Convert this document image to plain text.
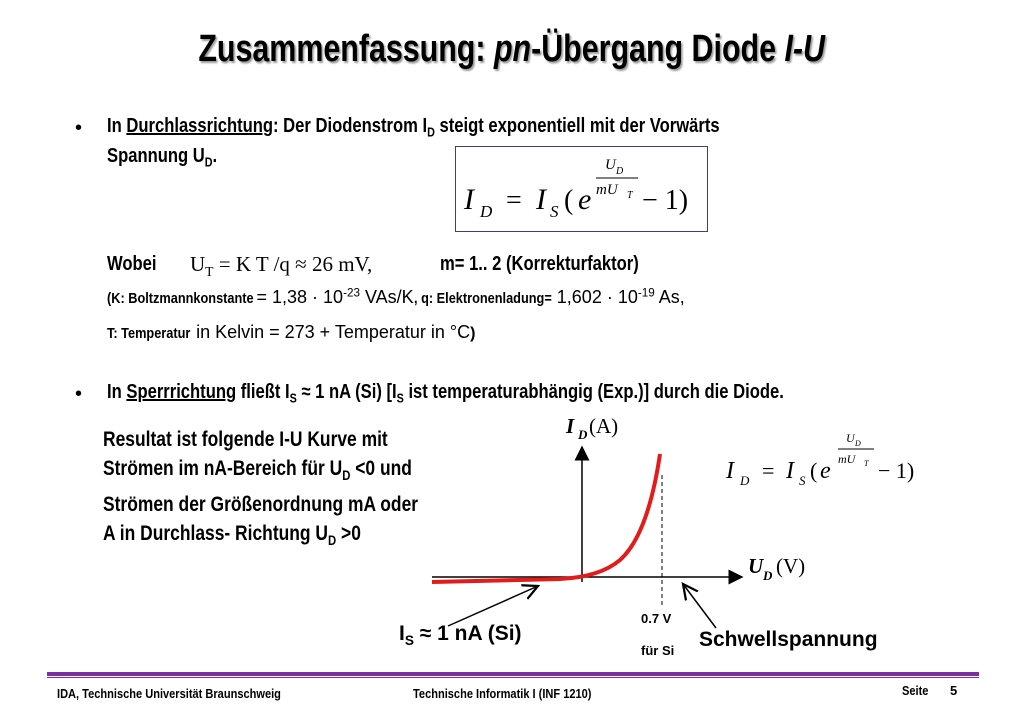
Zusammenfassung: pn-Übergang Diode I-U
• In Durchlassrichtung: Der Diodenstrom $I_D$ steigt exponentiell mit der Vorwärts
Spannung $U_D$.
I D = I S ( e
U D
mU T − 1)
Wobei $U_T = K$ T /q ≈ 26 mV,	m= 1.. 2 (Korrekturfaktor)
(K: Boltzmannkonstante = $1,38 \cdot 10^{-23}$ VAs/K, q: Elektronenladung= $1,602 \cdot 10^{-19}$ As,
T: Temperatur in Kelvin = 273 + Temperatur in °C)
• In Sperrrichtung fließt $I_S \approx 1$ nA (Si) [$I_S$ ist temperaturabhängig (Exp.)] durch die Diode.
Resultat ist folgende I-U Kurve mit
Strömen im nA-Bereich für $U_D <0$ und
Strömen der Größenordnung mA oder
A in Durchlass- Richtung $U_D >0$
I D (A)
U D (V)
I D = I S ( e
U D
mU T − 1)
$I_S \approx 1$ nA (Si)
0.7 V
für Si Schwellspannung
IDA, Technische Universität Braunschweig	Technische Informatik I (INF 1210)	Seite 5
